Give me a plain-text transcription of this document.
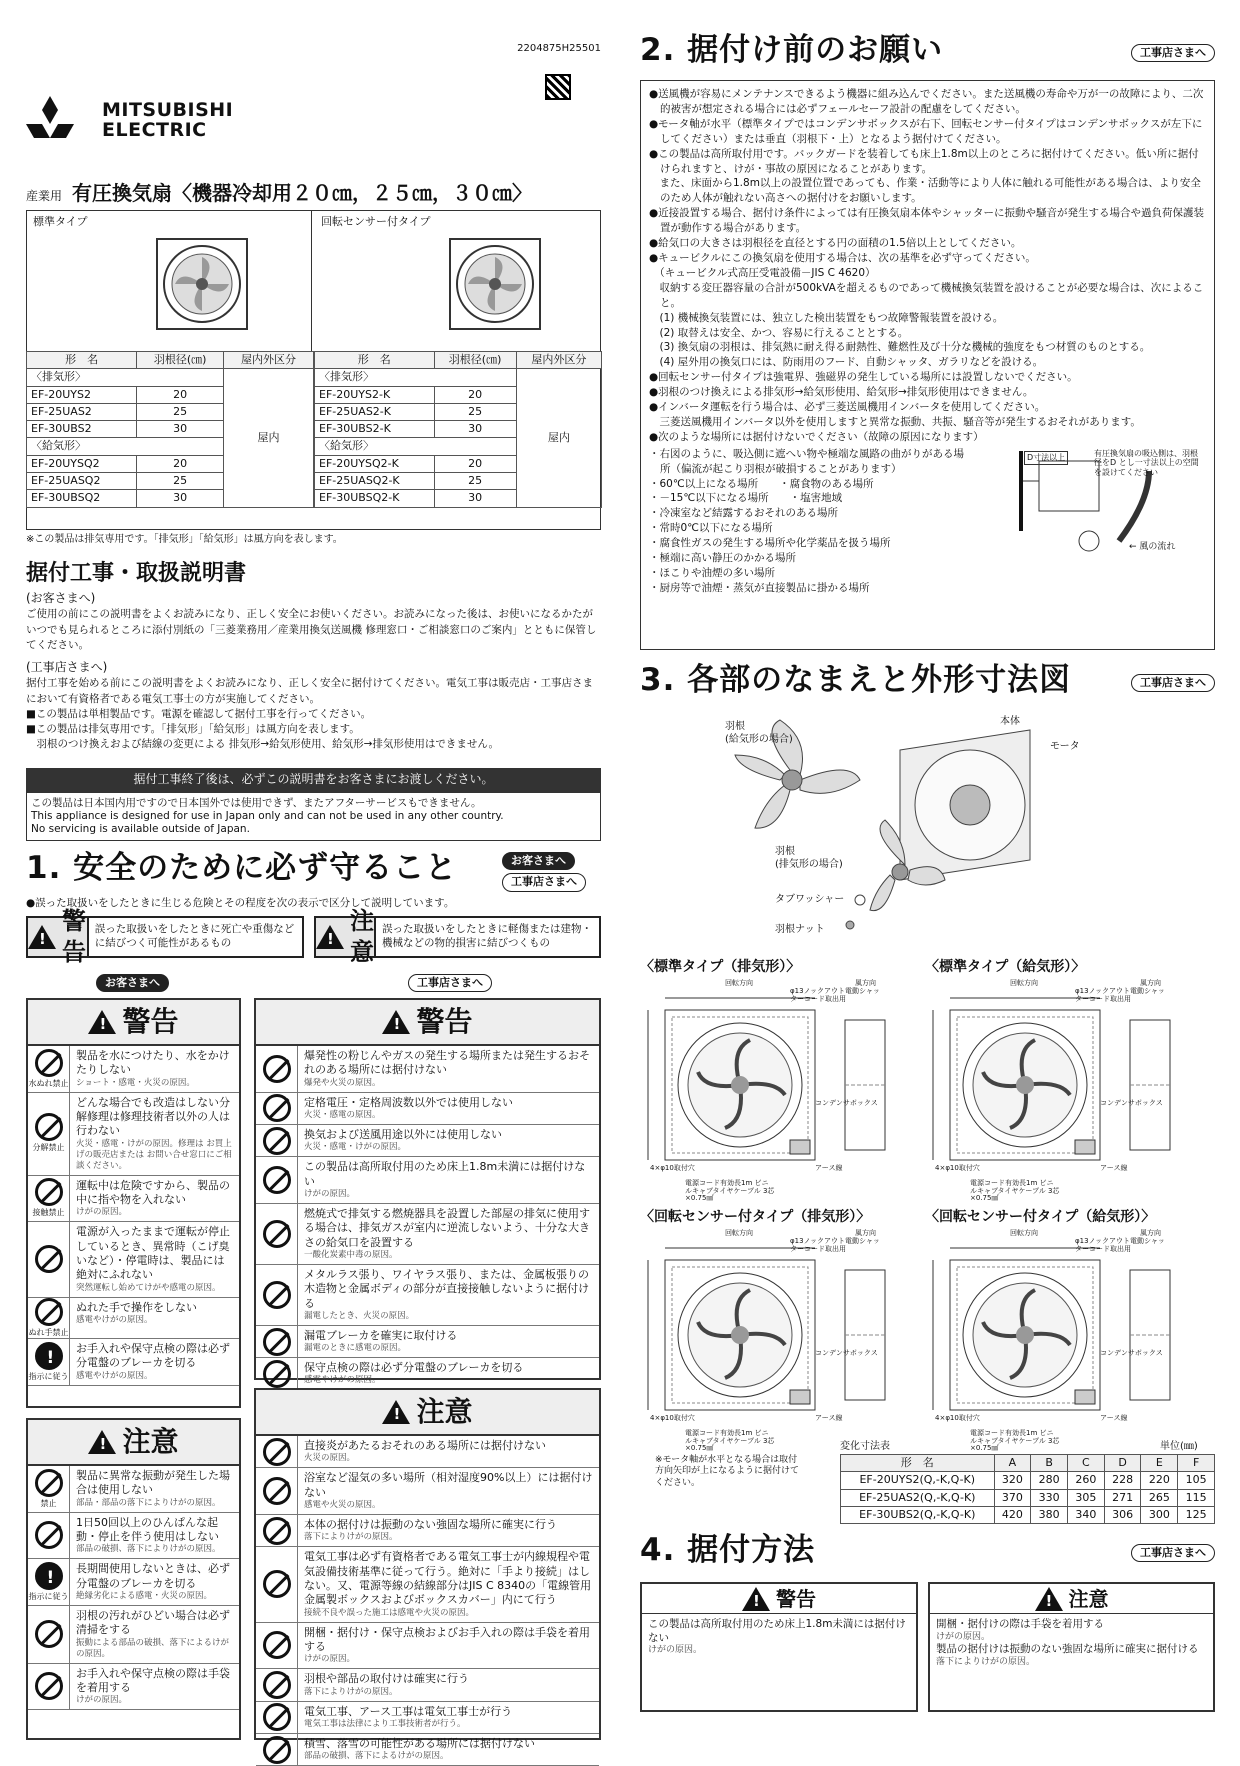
2204875H25501
MITSUBISHI
ELECTRIC
産業用 有圧換気扇〈機器冷却用２０㎝，２５㎝，３０㎝〉
標準タイプ	回転センサー付タイプ
形　名	羽根径(㎝)	屋内外区分
〈排気形〉		屋内
EF-20UYS2	20	
EF-25UAS2	25	
EF-30UBS2	30	
〈給気形〉		
EF-20UYSQ2	20	
EF-25UASQ2	25	
EF-30UBSQ2	30	
形　名	羽根径(㎝)	屋内外区分
〈排気形〉		屋内
EF-20UYS2-K	20	
EF-25UAS2-K	25	
EF-30UBS2-K	30	
〈給気形〉		
EF-20UYSQ2-K	20	
EF-25UASQ2-K	25	
EF-30UBSQ2-K	30	
※この製品は排気専用です。「排気形」「給気形」は風方向を表します。
据付工事・取扱説明書
(お客さまへ)
ご使用の前にこの説明書をよくお読みになり、正しく安全にお使いください。お読みになった後は、お使いになるかたがいつでも見られるところに添付別紙の「三菱業務用／産業用換気送風機 修理窓口・ご相談窓口のご案内」とともに保管してください。
(工事店さまへ)
据付工事を始める前にこの説明書をよくお読みになり、正しく安全に据付けてください。電気工事は販売店・工事店さまにおいて有資格者である電気工事士の方が実施してください。
■この製品は単相製品です。電源を確認して据付工事を行ってください。
■この製品は排気専用です。「排気形」「給気形」は風方向を表します。
　羽根のつけ換えおよび結線の変更による 排気形→給気形使用、給気形→排気形使用はできません。
据付工事終了後は、必ずこの説明書をお客さまにお渡しください。
この製品は日本国内用ですので日本国外では使用できず、またアフターサービスもできません。
This appliance is designed for use in Japan only and can not be used in any other country.
No servicing is available outside of Japan.
1. 安全のために必ず守ること	お客さまへ
工事店さまへ
●誤った取扱いをしたときに生じる危険とその程度を次の表示で区分して説明しています。
!
警告
誤った取扱いをしたときに死亡や重傷などに結びつく可能性があるもの
!
注意
誤った取扱いをしたときに軽傷または建物・機械などの物的損害に結びつくもの
お客さまへ	工事店さまへ
!
警告
水ぬれ禁止
製品を水につけたり、水をかけたりしない
ショート・感電・火災の原因。
分解禁止
どんな場合でも改造はしない分解修理は修理技術者以外の人は行わない
火災・感電・けがの原因。修理は お買上げの販売店または お問い合せ窓口にご相談ください。
接触禁止
運転中は危険ですから、製品の中に指や物を入れない
けがの原因。
電源が入ったままで運転が停止しているとき、異常時（こげ臭いなど）・停電時は、製品には絶対にふれない
突然運転し始めてけがや感電の原因。
ぬれ手禁止
ぬれた手で操作をしない
感電やけがの原因。
!
指示に従う
お手入れや保守点検の際は必ず分電盤のブレーカを切る
感電やけがの原因。
!
注意
禁止
製品に異常な振動が発生した場合は使用しない
部品・部品の落下によりけがの原因。
1日50回以上のひんぱんな起動・停止を伴う使用はしない
部品の破損、落下によりけがの原因。
!
指示に従う
長期間使用しないときは、必ず分電盤のブレーカを切る
絶縁劣化による感電・火災の原因。
羽根の汚れがひどい場合は必ず清掃をする
振動による部品の破損、落下によるけがの原因。
お手入れや保守点検の際は手袋を着用する
けがの原因。
!
警告
爆発性の粉じんやガスの発生する場所または発生するおそれのある場所には据付けない
爆発や火災の原因。
定格電圧・定格周波数以外では使用しない
火災・感電の原因。
換気および送風用途以外には使用しない
火災・感電・けがの原因。
この製品は高所取付用のため床上1.8m未満には据付けない
けがの原因。
燃焼式で排気する燃焼器具を設置した部屋の排気に使用する場合は、排気ガスが室内に逆流しないよう、十分な大きさの給気口を設置する
一酸化炭素中毒の原因。
メタルラス張り、ワイヤラス張り、または、金属板張りの木造物と金属ボディの部分が直接接触しないように据付ける
漏電したとき、火災の原因。
漏電ブレーカを確実に取付ける
漏電のときに感電の原因。
保守点検の際は必ず分電盤のブレーカを切る
感電やけがの原因。
!
注意
直接炎があたるおそれのある場所には据付けない
火災の原因。
浴室など湿気の多い場所（相対湿度90%以上）には据付けない
感電や火災の原因。
本体の据付けは振動のない強固な場所に確実に行う
落下によりけがの原因。
電気工事は必ず有資格者である電気工事士が内線規程や電気設備技術基準に従って行う。絶対に「手より接続」はしない。又、電源等線の結線部分はJIS C 8340の「電線管用金属製ボックスおよびボックスカバー」内にて行う
接続不良や誤った施工は感電や火災の原因。
開梱・据付け・保守点検およびお手入れの際は手袋を着用する
けがの原因。
羽根や部品の取付けは確実に行う
落下によりけがの原因。
電気工事、アース工事は電気工事士が行う
電気工事は法律により工事技術者が行う。
積雪、落雪の可能性がある場所には据付けない
部品の破損、落下によるけがの原因。
2. 据付け前のお願い	工事店さまへ
●送風機が容易にメンテナンスできるよう機器に組み込んでください。また送風機の寿命や万が一の故障により、二次的被害が想定される場合には必ずフェールセーフ設計の配慮をしてください。
●モータ軸が水平（標準タイプではコンデンサボックスが右下、回転センサー付タイプはコンデンサボックスが左下にしてください）または垂直（羽根下・上）となるよう据付けてください。
●この製品は高所取付用です。バックガードを装着しても床上1.8m以上のところに据付けてください。低い所に据付けられますと、けが・事故の原因になることがあります。
　また、床面から1.8m以上の設置位置であっても、作業・活動等により人体に触れる可能性がある場合は、より安全のため人体が触れない高さへの据付けをお願いします。
●近接設置する場合、据付け条件によっては有圧換気扇本体やシャッターに振動や騒音が発生する場合や過負荷保護装置が動作する場合があります。
●給気口の大きさは羽根径を直径とする円の面積の1.5倍以上としてください。
●キュービクルにこの換気扇を使用する場合は、次の基準を必ず守ってください。
　（キュービクル式高圧受電設備－JIS C 4620）
　収納する変圧器容量の合計が500kVAを超えるものであって機械換気装置を設けることが必要な場合は、次によること。
　(1) 機械換気装置には、独立した検出装置をもつ故障警報装置を設ける。
　(2) 取替えは安全、かつ、容易に行えることとする。
　(3) 換気扇の羽根は、排気熱に耐え得る耐熱性、難燃性及び十分な機械的強度をもつ材質のものとする。
　(4) 屋外用の換気口には、防雨用のフード、自動シャッタ、ガラリなどを設ける。
●回転センサー付タイプは強電界、強磁界の発生している場所には設置しないでください。
●羽根のつけ換えによる排気形→給気形使用、給気形→排気形使用はできません。
●インバータ運転を行う場合は、必ず三菱送風機用インバータを使用してください。
　三菱送風機用インバータ以外を使用しますと異常な振動、共振、騒音等が発生するおそれがあります。
●次のような場所には据付けないでください（故障の原因になります）
・右図のように、吸込側に遮へい物や極端な風路の曲がりがある場所（偏流が起こり羽根が破損することがあります）
・60℃以上になる場所　　・腐食物のある場所
・－15℃以下になる場所　　・塩害地域
・冷凍室など結露するおそれのある場所
・常時0℃以下になる場所
・腐食性ガスの発生する場所や化学薬品を扱う場所
・極端に高い静圧のかかる場所
・ほこりや油煙の多い場所
・厨房等で油煙・蒸気が直接製品に掛かる場所
D寸法以上	有圧換気扇の吸込側は、羽根径をD とし一寸法以上の空間を設けてください
← 風の流れ
3. 各部のなまえと外形寸法図	工事店さまへ
羽根
(給気形の場合)
本体
モータ
羽根
(排気形の場合)
タブワッシャー
羽根ナット
〈標準タイプ（排気形）〉	〈標準タイプ（給気形）〉
〈回転センサー付タイプ（排気形）〉	〈回転センサー付タイプ（給気形）〉
回転方向	風方向
φ13ノックアウト電動シャッターコード取出用
コンデンサボックス
アース線
4×φ10取付穴
電源コード有効長1m ビニルキャブタイヤケーブル 3芯×0.75㎟
回転方向	風方向
φ13ノックアウト電動シャッターコード取出用
コンデンサボックス
アース線
4×φ10取付穴
電源コード有効長1m ビニルキャブタイヤケーブル 3芯×0.75㎟
回転方向	風方向
φ13ノックアウト電動シャッターコード取出用
コンデンサボックス
アース線
4×φ10取付穴
電源コード有効長1m ビニルキャブタイヤケーブル 3芯×0.75㎟
回転方向	風方向
φ13ノックアウト電動シャッターコード取出用
コンデンサボックス
アース線
4×φ10取付穴
電源コード有効長1m ビニルキャブタイヤケーブル 3芯×0.75㎟
※モータ軸が水平となる場合は取付方向矢印が上になるように据付けてください。
変化寸法表	単位(㎜)
形　名	A	B	C	D	E	F
EF-20UYS2(Q,-K,Q-K)	320	280	260	228	220	105
EF-25UAS2(Q,-K,Q-K)	370	330	305	271	265	115
EF-30UBS2(Q,-K,Q-K)	420	380	340	306	300	125
4. 据付方法	工事店さまへ
!
警告
この製品は高所取付用のため床上1.8m未満には据付けない
けがの原因。
!
注意
開梱・据付けの際は手袋を着用する
けがの原因。
製品の据付けは振動のない強固な場所に確実に据付ける
落下によりけがの原因。
